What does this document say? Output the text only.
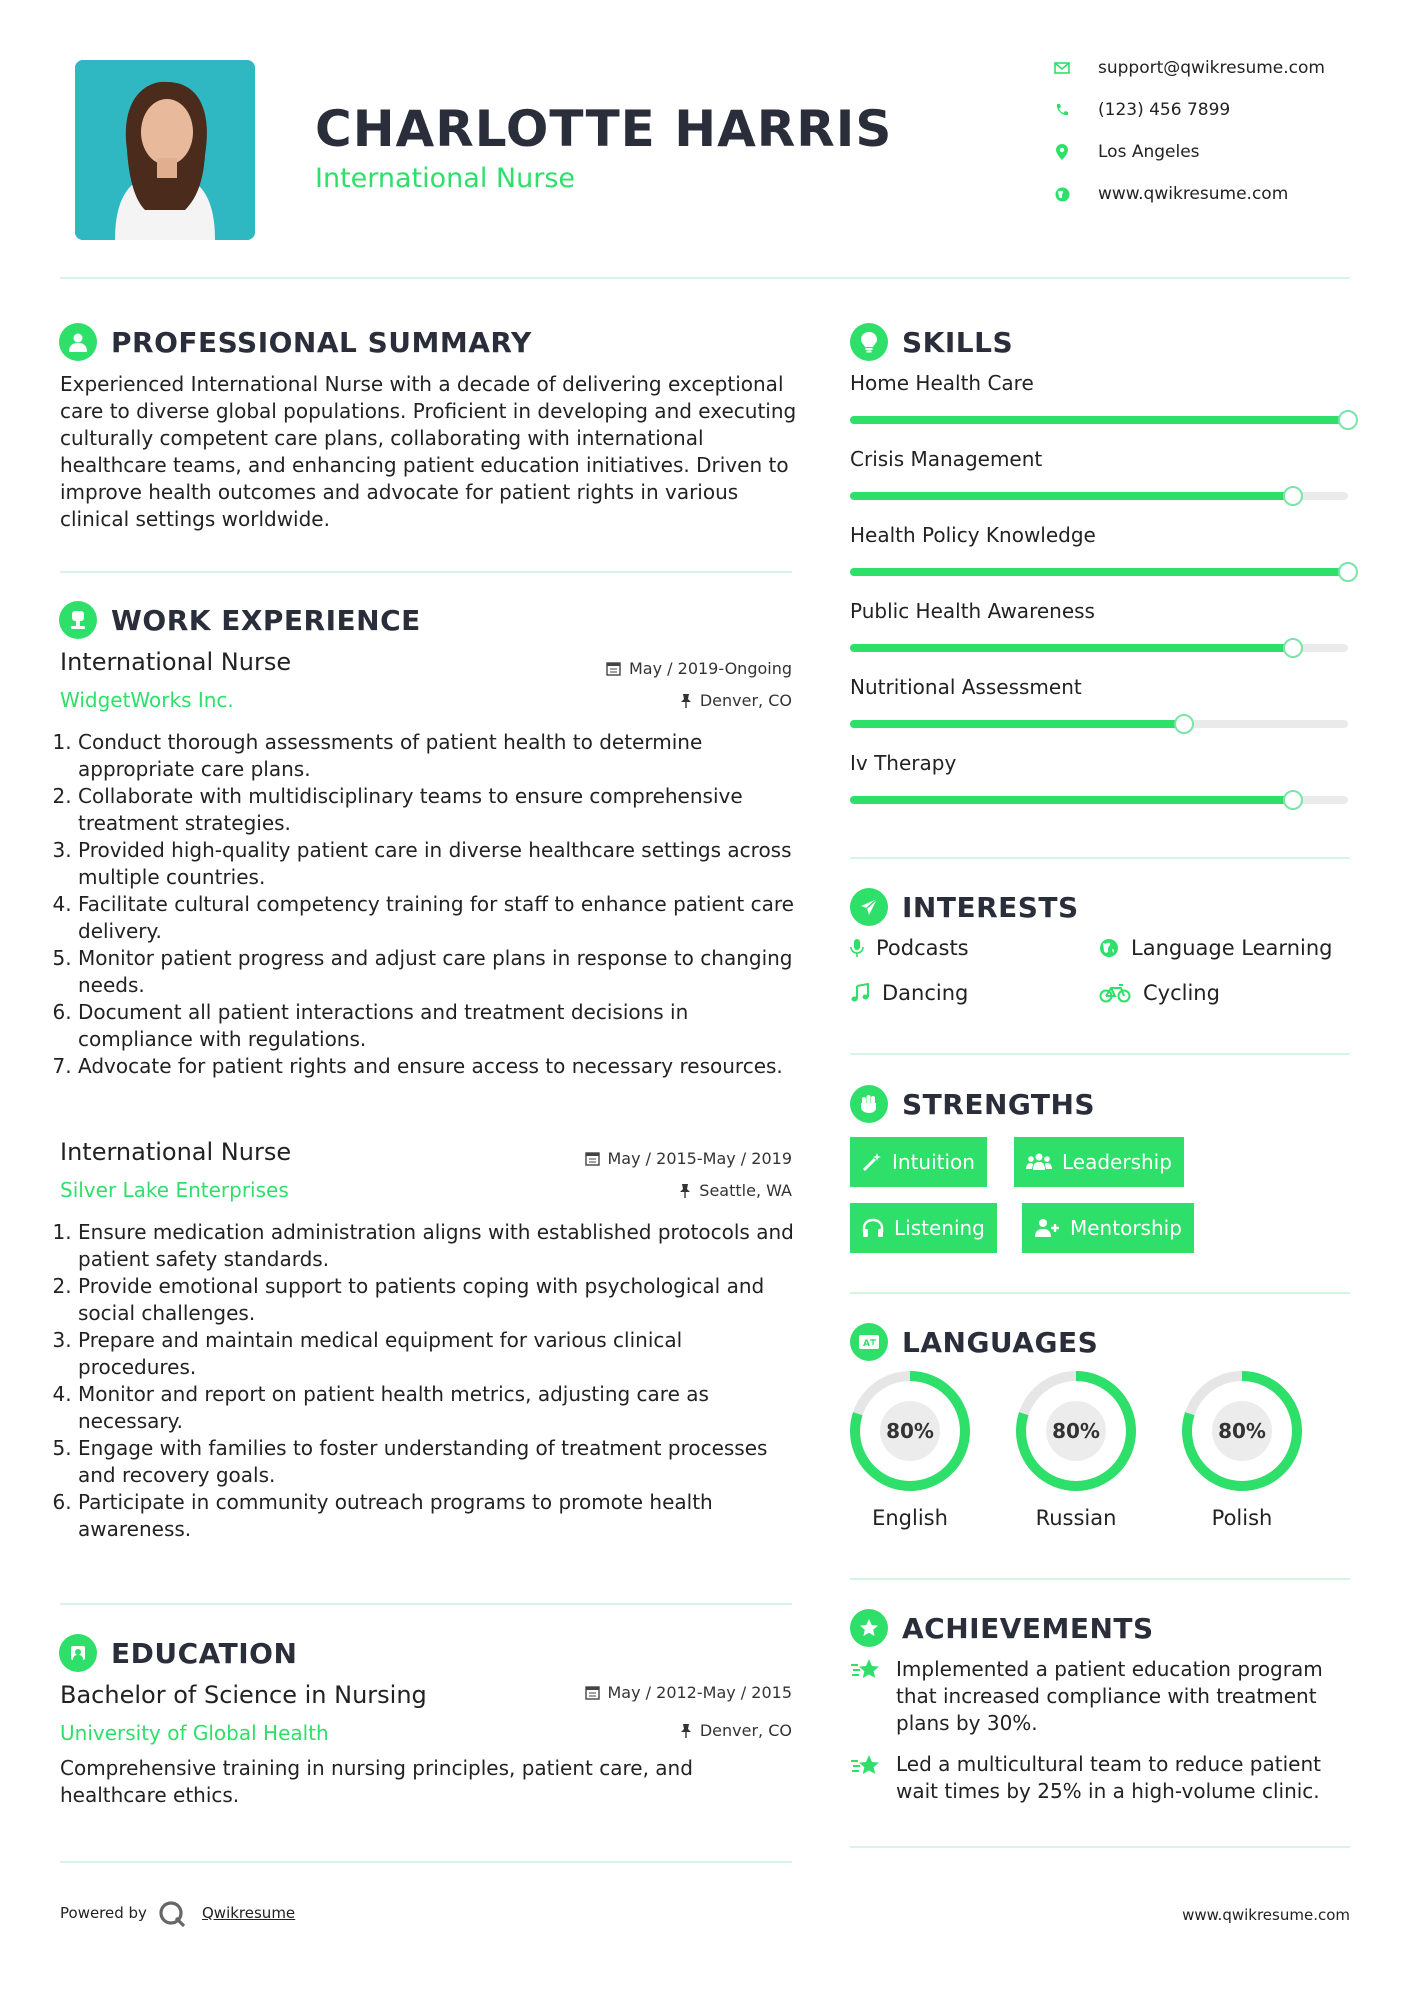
CHARLOTTE HARRIS
International Nurse
support@qwikresume.com
(123) 456 7899
Los Angeles
www.qwikresume.com
PROFESSIONAL SUMMARY
Experienced International Nurse with a decade of delivering exceptional care to diverse global populations. Proficient in developing and executing culturally competent care plans, collaborating with international healthcare teams, and enhancing patient education initiatives. Driven to improve health outcomes and advocate for patient rights in various clinical settings worldwide.
WORK EXPERIENCE
International Nurse	May / 2019-Ongoing
WidgetWorks Inc.	Denver, CO
1. Conduct thorough assessments of patient health to determine appropriate care plans.
2. Collaborate with multidisciplinary teams to ensure comprehensive treatment strategies.
3. Provided high-quality patient care in diverse healthcare settings across multiple countries.
4. Facilitate cultural competency training for staff to enhance patient care delivery.
5. Monitor patient progress and adjust care plans in response to changing needs.
6. Document all patient interactions and treatment decisions in compliance with regulations.
7. Advocate for patient rights and ensure access to necessary resources.
International Nurse	May / 2015-May / 2019
Silver Lake Enterprises	Seattle, WA
1. Ensure medication administration aligns with established protocols and patient safety standards.
2. Provide emotional support to patients coping with psychological and social challenges.
3. Prepare and maintain medical equipment for various clinical procedures.
4. Monitor and report on patient health metrics, adjusting care as necessary.
5. Engage with families to foster understanding of treatment processes and recovery goals.
6. Participate in community outreach programs to promote health awareness.
EDUCATION
Bachelor of Science in Nursing	May / 2012-May / 2015
University of Global Health	Denver, CO
Comprehensive training in nursing principles, patient care, and healthcare ethics.
SKILLS
Home Health Care
Crisis Management
Health Policy Knowledge
Public Health Awareness
Nutritional Assessment
Iv Therapy
INTERESTS
Podcasts	Language Learning
Dancing	Cycling
STRENGTHS
Intuition	Leadership
Listening	Mentorship
A LANGUAGES
80%
English
80%
Russian
80%
Polish
ACHIEVEMENTS
Implemented a patient education program that increased compliance with treatment plans by 30%.
Led a multicultural team to reduce patient wait times by 25% in a high-volume clinic.
Powered by	Qwikresume	www.qwikresume.com
